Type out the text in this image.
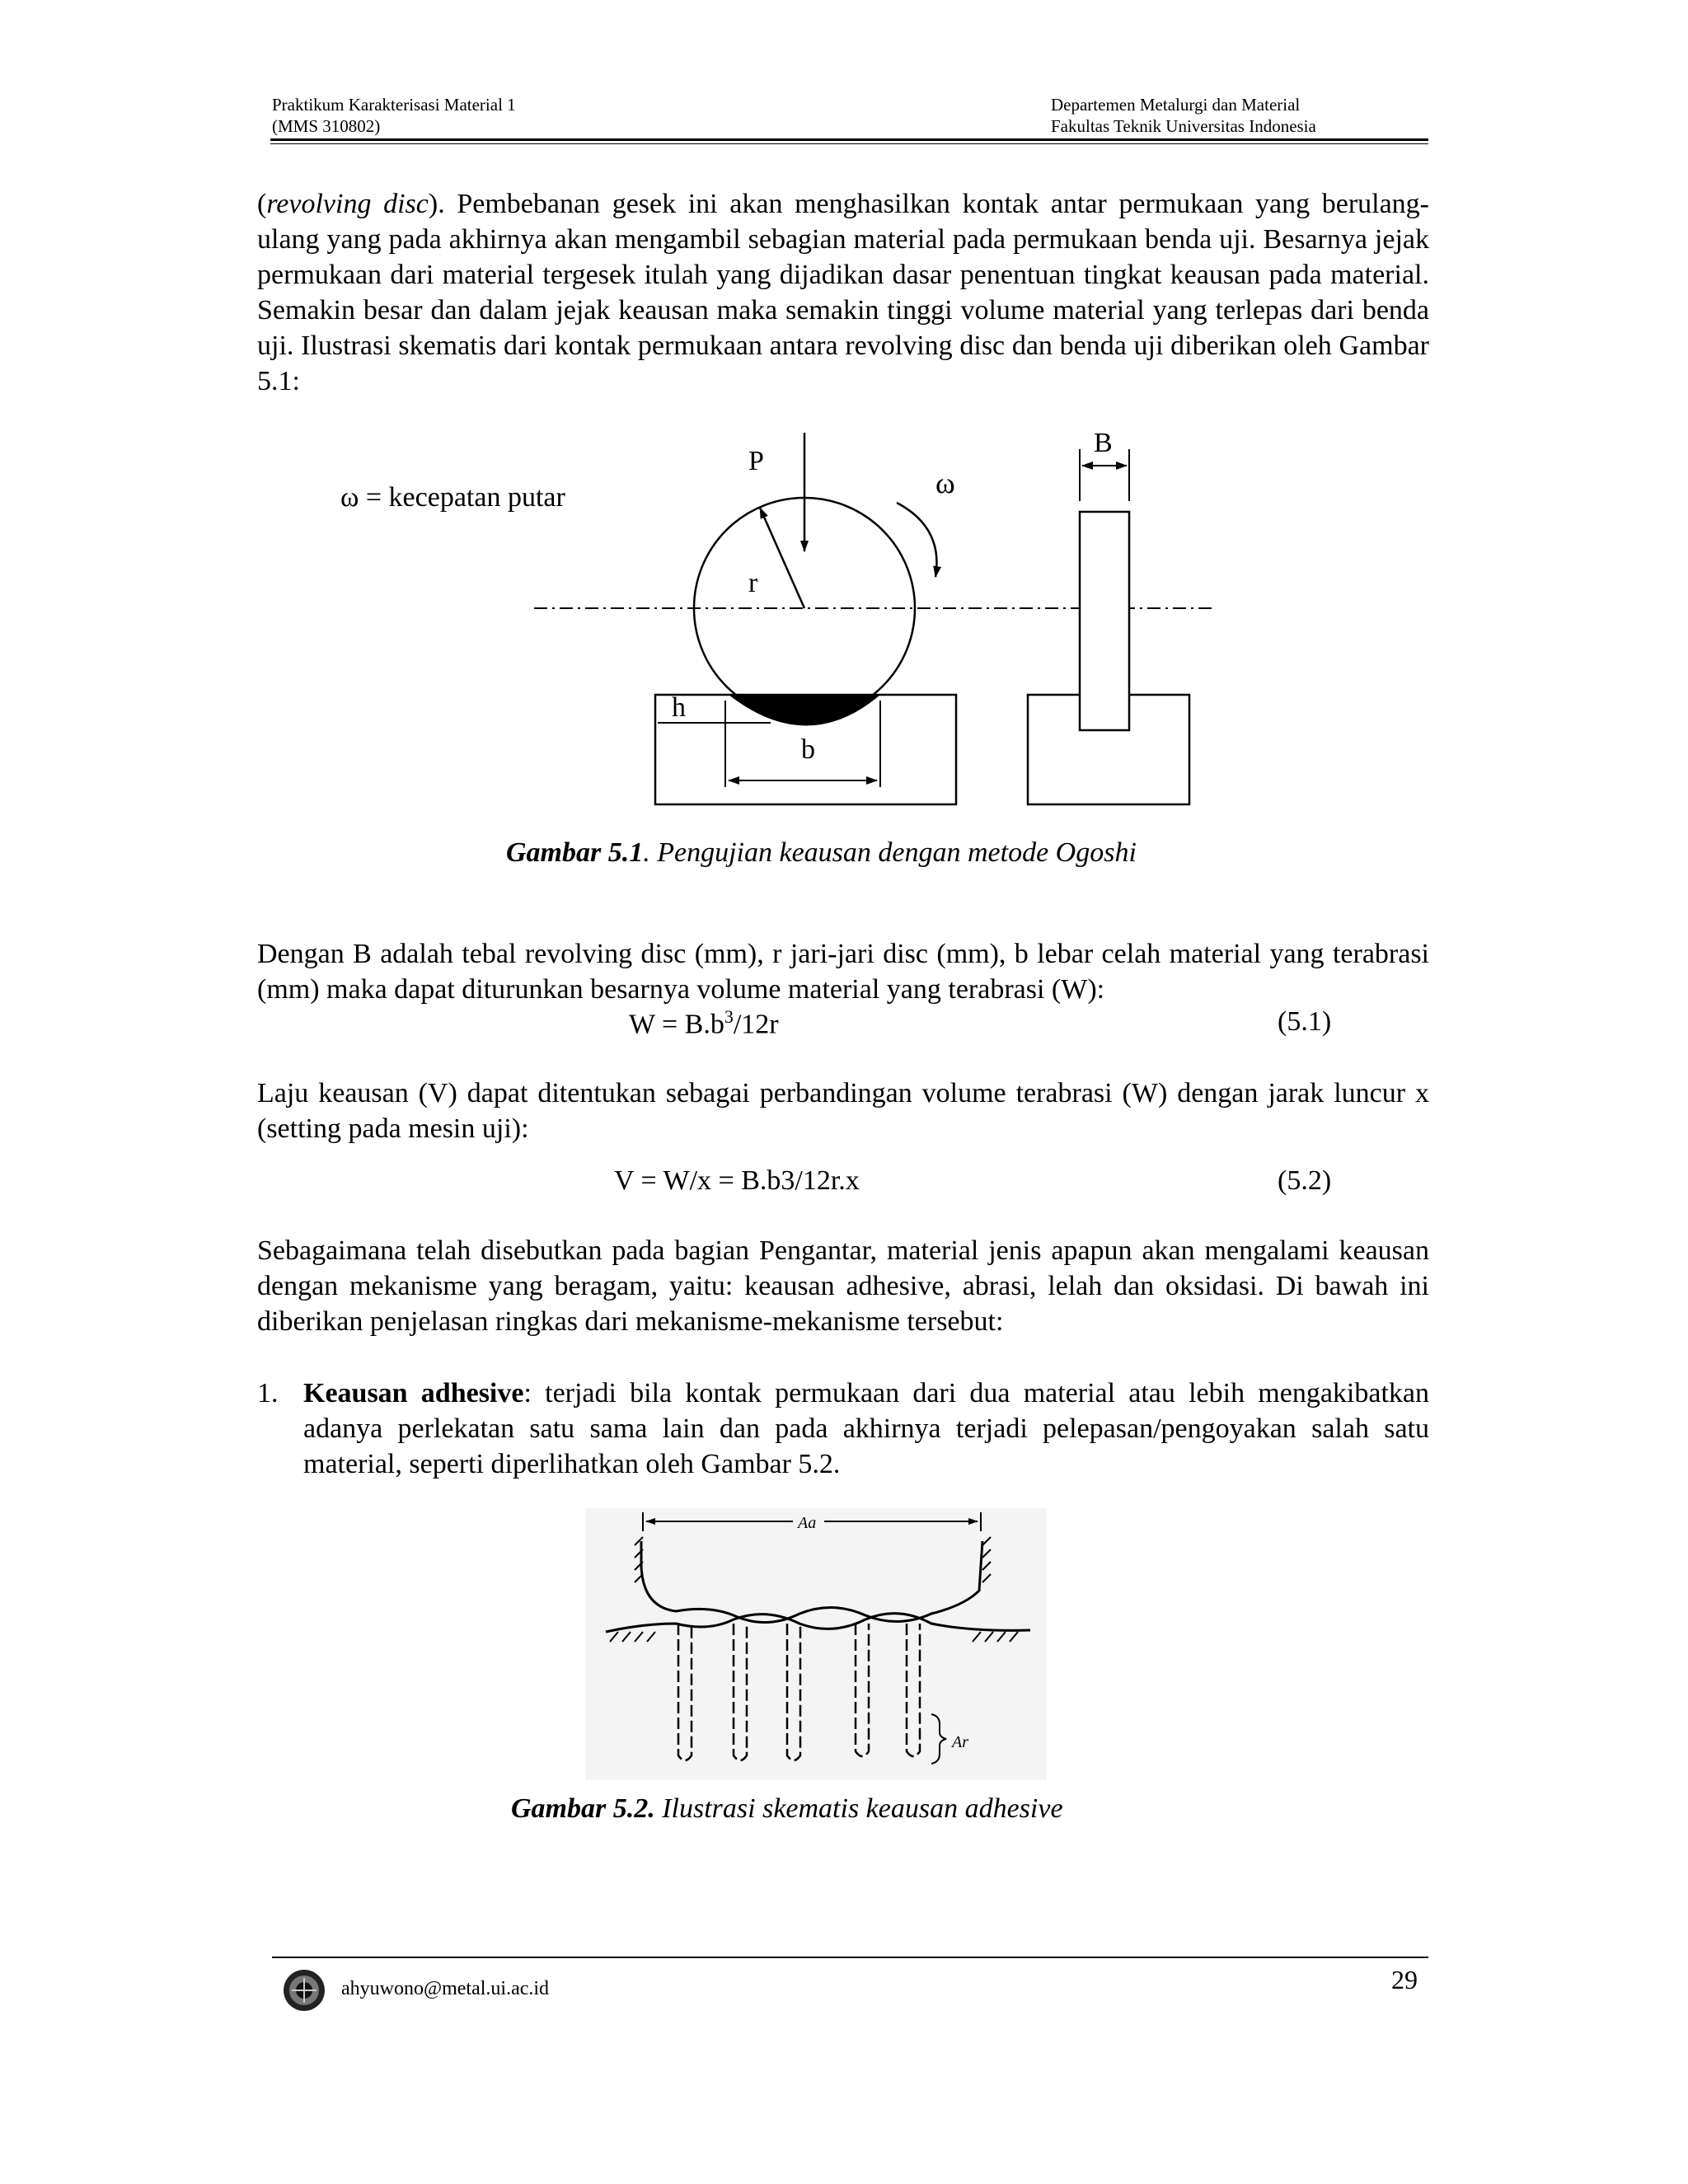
Praktikum Karakterisasi Material 1
(MMS 310802)
Departemen Metalurgi dan Material
Fakultas Teknik Universitas Indonesia
(revolving disc). Pembebanan gesek ini akan menghasilkan kontak antar permukaan yang berulang-ulang yang pada akhirnya akan mengambil sebagian material pada permukaan benda uji. Besarnya jejak permukaan dari material tergesek itulah yang dijadikan dasar penentuan tingkat keausan pada material. Semakin besar dan dalam jejak keausan maka semakin tinggi volume material yang terlepas dari benda uji. Ilustrasi skematis dari kontak permukaan antara revolving disc dan benda uji diberikan oleh Gambar 5.1:
ω = kecepatan putar
P
ω
r
h
b
B
Gambar 5.1. Pengujian keausan dengan metode Ogoshi
Dengan B adalah tebal revolving disc (mm), r jari-jari disc (mm), b lebar celah material yang terabrasi (mm) maka dapat diturunkan besarnya volume material yang terabrasi (W):
$W = B.b^3/12r$	(5.1)
Laju keausan (V) dapat ditentukan sebagai perbandingan volume terabrasi (W) dengan jarak luncur x (setting pada mesin uji):
V = W/x = B.b3/12r.x	(5.2)
Sebagaimana telah disebutkan pada bagian Pengantar, material jenis apapun akan mengalami keausan dengan mekanisme yang beragam, yaitu: keausan adhesive, abrasi, lelah dan oksidasi. Di bawah ini diberikan penjelasan ringkas dari mekanisme-mekanisme tersebut:
1. Keausan adhesive: terjadi bila kontak permukaan dari dua material atau lebih mengakibatkan adanya perlekatan satu sama lain dan pada akhirnya terjadi pelepasan/pengoyakan salah satu material, seperti diperlihatkan oleh Gambar 5.2.
Aa
Ar
Gambar 5.2. Ilustrasi skematis keausan adhesive
ahyuwono@metal.ui.ac.id	29
